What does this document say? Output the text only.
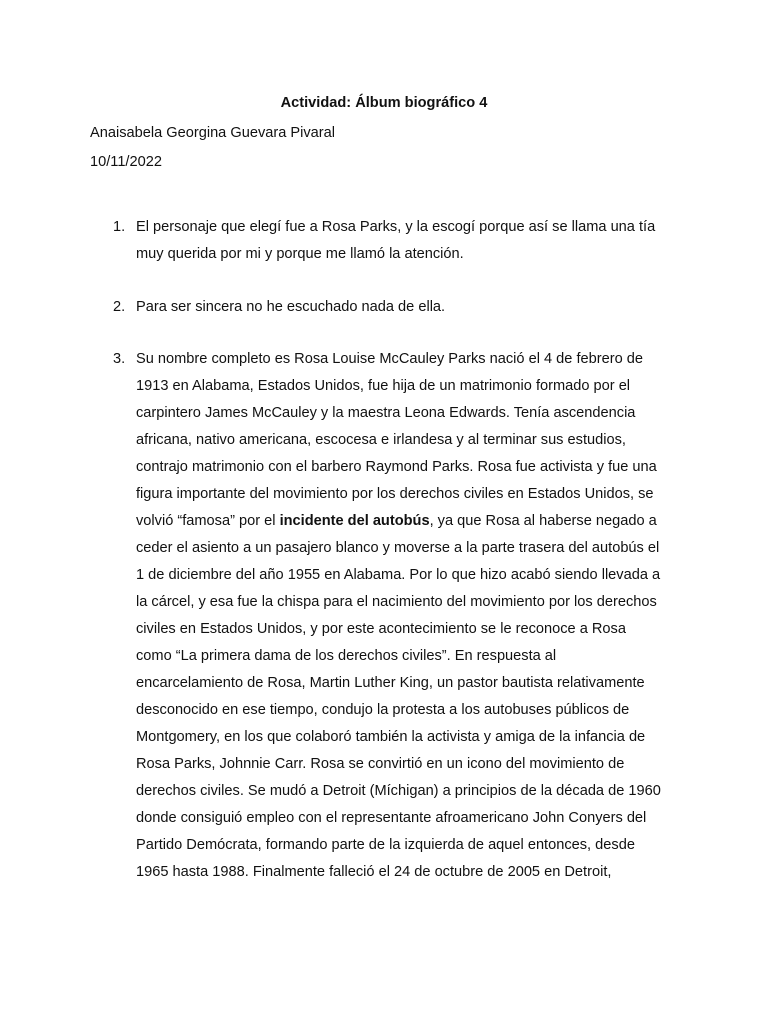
Actividad: Álbum biográfico 4
Anaisabela Georgina Guevara Pivaral
10/11/2022
1. El personaje que elegí fue a Rosa Parks, y la escogí porque así se llama una tía
muy querida por mi y porque me llamó la atención.

2. Para ser sincera no he escuchado nada de ella.

3. Su nombre completo es Rosa Louise McCauley Parks nació el 4 de febrero de
1913 en Alabama, Estados Unidos, fue hija de un matrimonio formado por el
carpintero James McCauley y la maestra Leona Edwards. Tenía ascendencia
africana, nativo americana, escocesa e irlandesa y al terminar sus estudios,
contrajo matrimonio con el barbero Raymond Parks. Rosa fue activista y fue una
figura importante del movimiento por los derechos civiles en Estados Unidos, se
volvió “famosa” por el incidente del autobús, ya que Rosa al haberse negado a
ceder el asiento a un pasajero blanco y moverse a la parte trasera del autobús el
1 de diciembre del año 1955 en Alabama. Por lo que hizo acabó siendo llevada a
la cárcel, y esa fue la chispa para el nacimiento del movimiento por los derechos
civiles en Estados Unidos, y por este acontecimiento se le reconoce a Rosa
como “La primera dama de los derechos civiles”. En respuesta al
encarcelamiento de Rosa, Martin Luther King, un pastor bautista relativamente
desconocido en ese tiempo, condujo la protesta a los autobuses públicos de
Montgomery, en los que colaboró también la activista y amiga de la infancia de
Rosa Parks, Johnnie Carr. Rosa se convirtió en un icono del movimiento de
derechos civiles. Se mudó a Detroit (Míchigan) a principios de la década de 1960
donde consiguió empleo con el representante afroamericano John Conyers del
Partido Demócrata, formando parte de la izquierda de aquel entonces, desde
1965 hasta 1988. Finalmente falleció el 24 de octubre de 2005 en Detroit,
